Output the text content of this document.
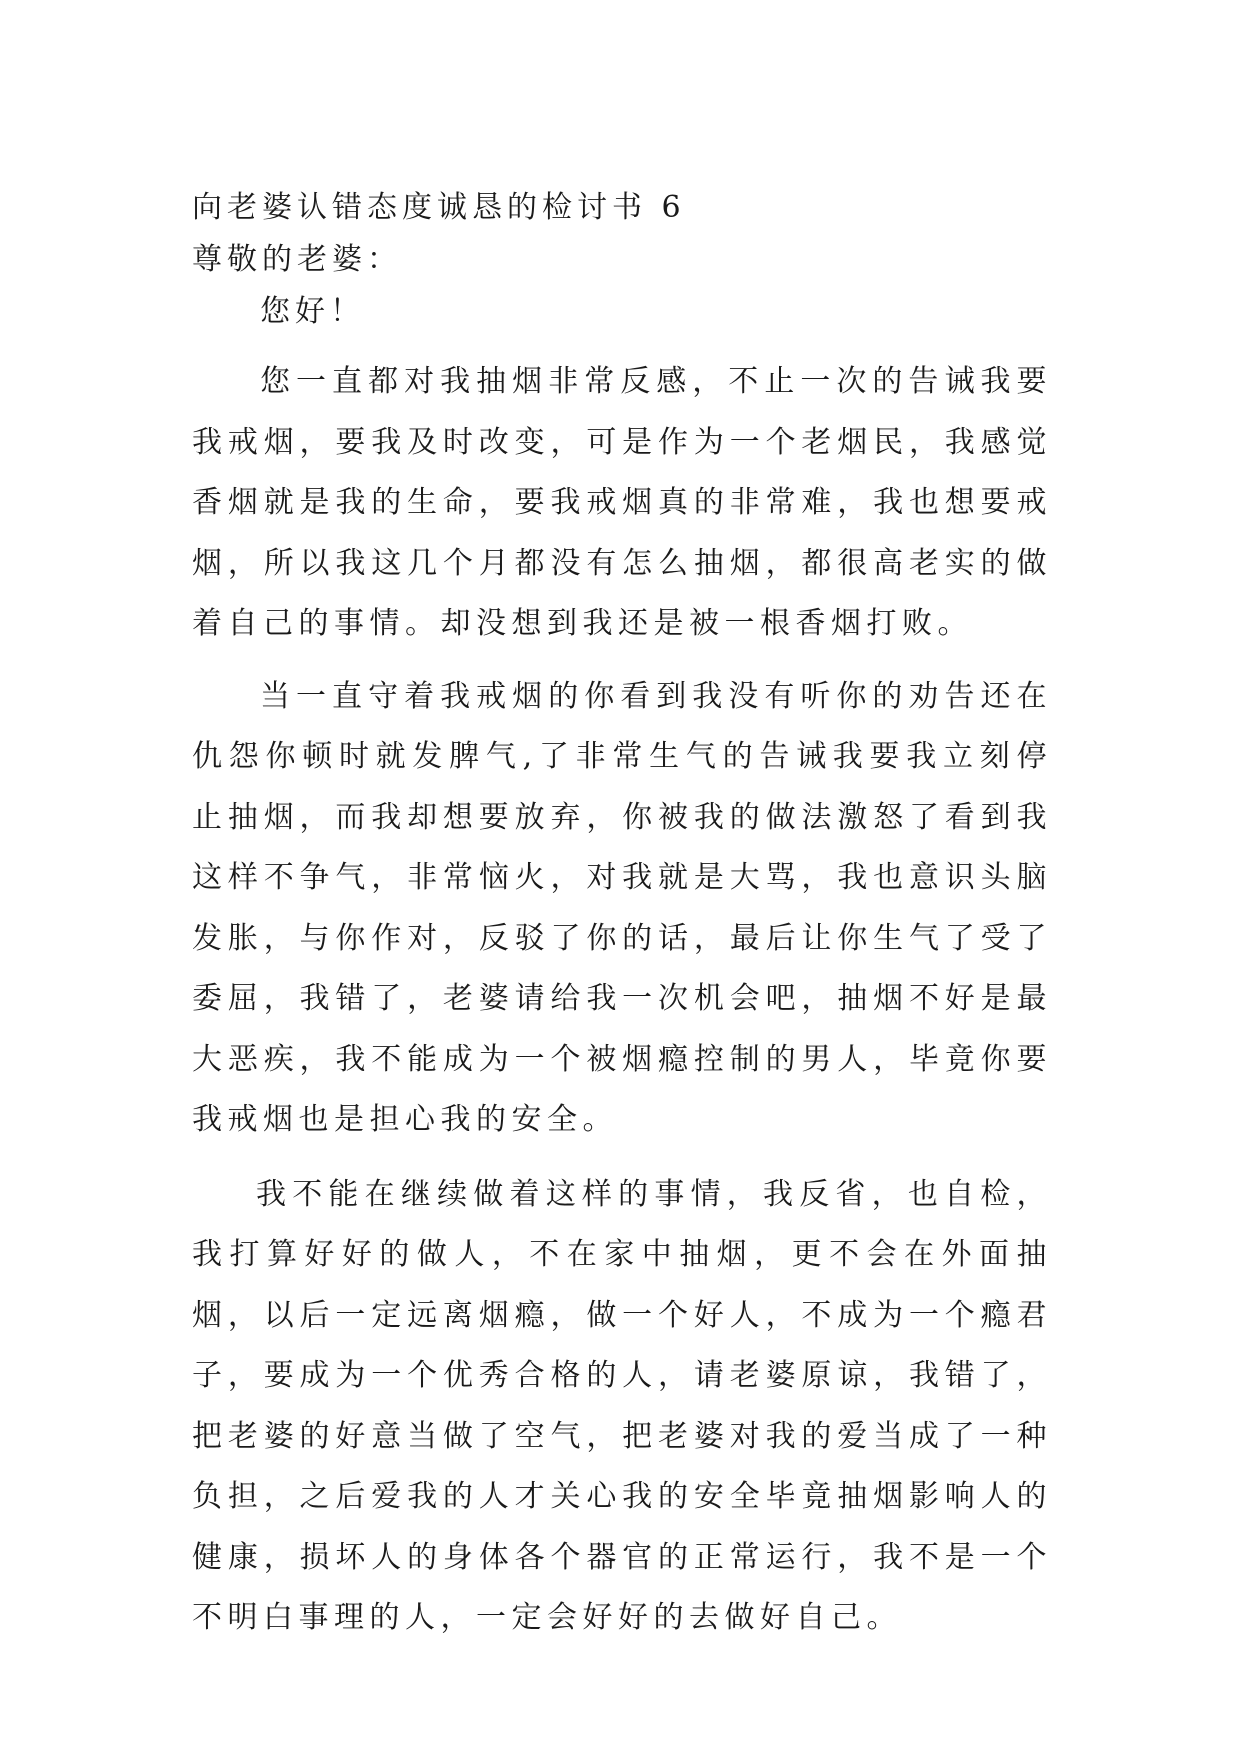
向老婆认错态度诚恳的检讨书 6

尊敬的老婆：

您好！

您一直都对我抽烟非常反感，不止一次的告诫我要我戒烟，要我及时改变，可是作为一个老烟民，我感觉香烟就是我的生命，要我戒烟真的非常难，我也想要戒烟，所以我这几个月都没有怎么抽烟，都很高老实的做着自己的事情。却没想到我还是被一根香烟打败。

当一直守着我戒烟的你看到我没有听你的劝告还在仇怨你顿时就发脾气,了非常生气的告诫我要我立刻停止抽烟，而我却想要放弃，你被我的做法激怒了看到我这样不争气，非常恼火，对我就是大骂，我也意识头脑发胀，与你作对，反驳了你的话，最后让你生气了受了委屈，我错了，老婆请给我一次机会吧，抽烟不好是最大恶疾，我不能成为一个被烟瘾控制的男人，毕竟你要我戒烟也是担心我的安全。

我不能在继续做着这样的事情，我反省，也自检，我打算好好的做人，不在家中抽烟，更不会在外面抽烟，以后一定远离烟瘾，做一个好人，不成为一个瘾君子，要成为一个优秀合格的人，请老婆原谅，我错了，把老婆的好意当做了空气，把老婆对我的爱当成了一种负担，之后爱我的人才关心我的安全毕竟抽烟影响人的健康，损坏人的身体各个器官的正常运行，我不是一个不明白事理的人，一定会好好的去做好自己。
